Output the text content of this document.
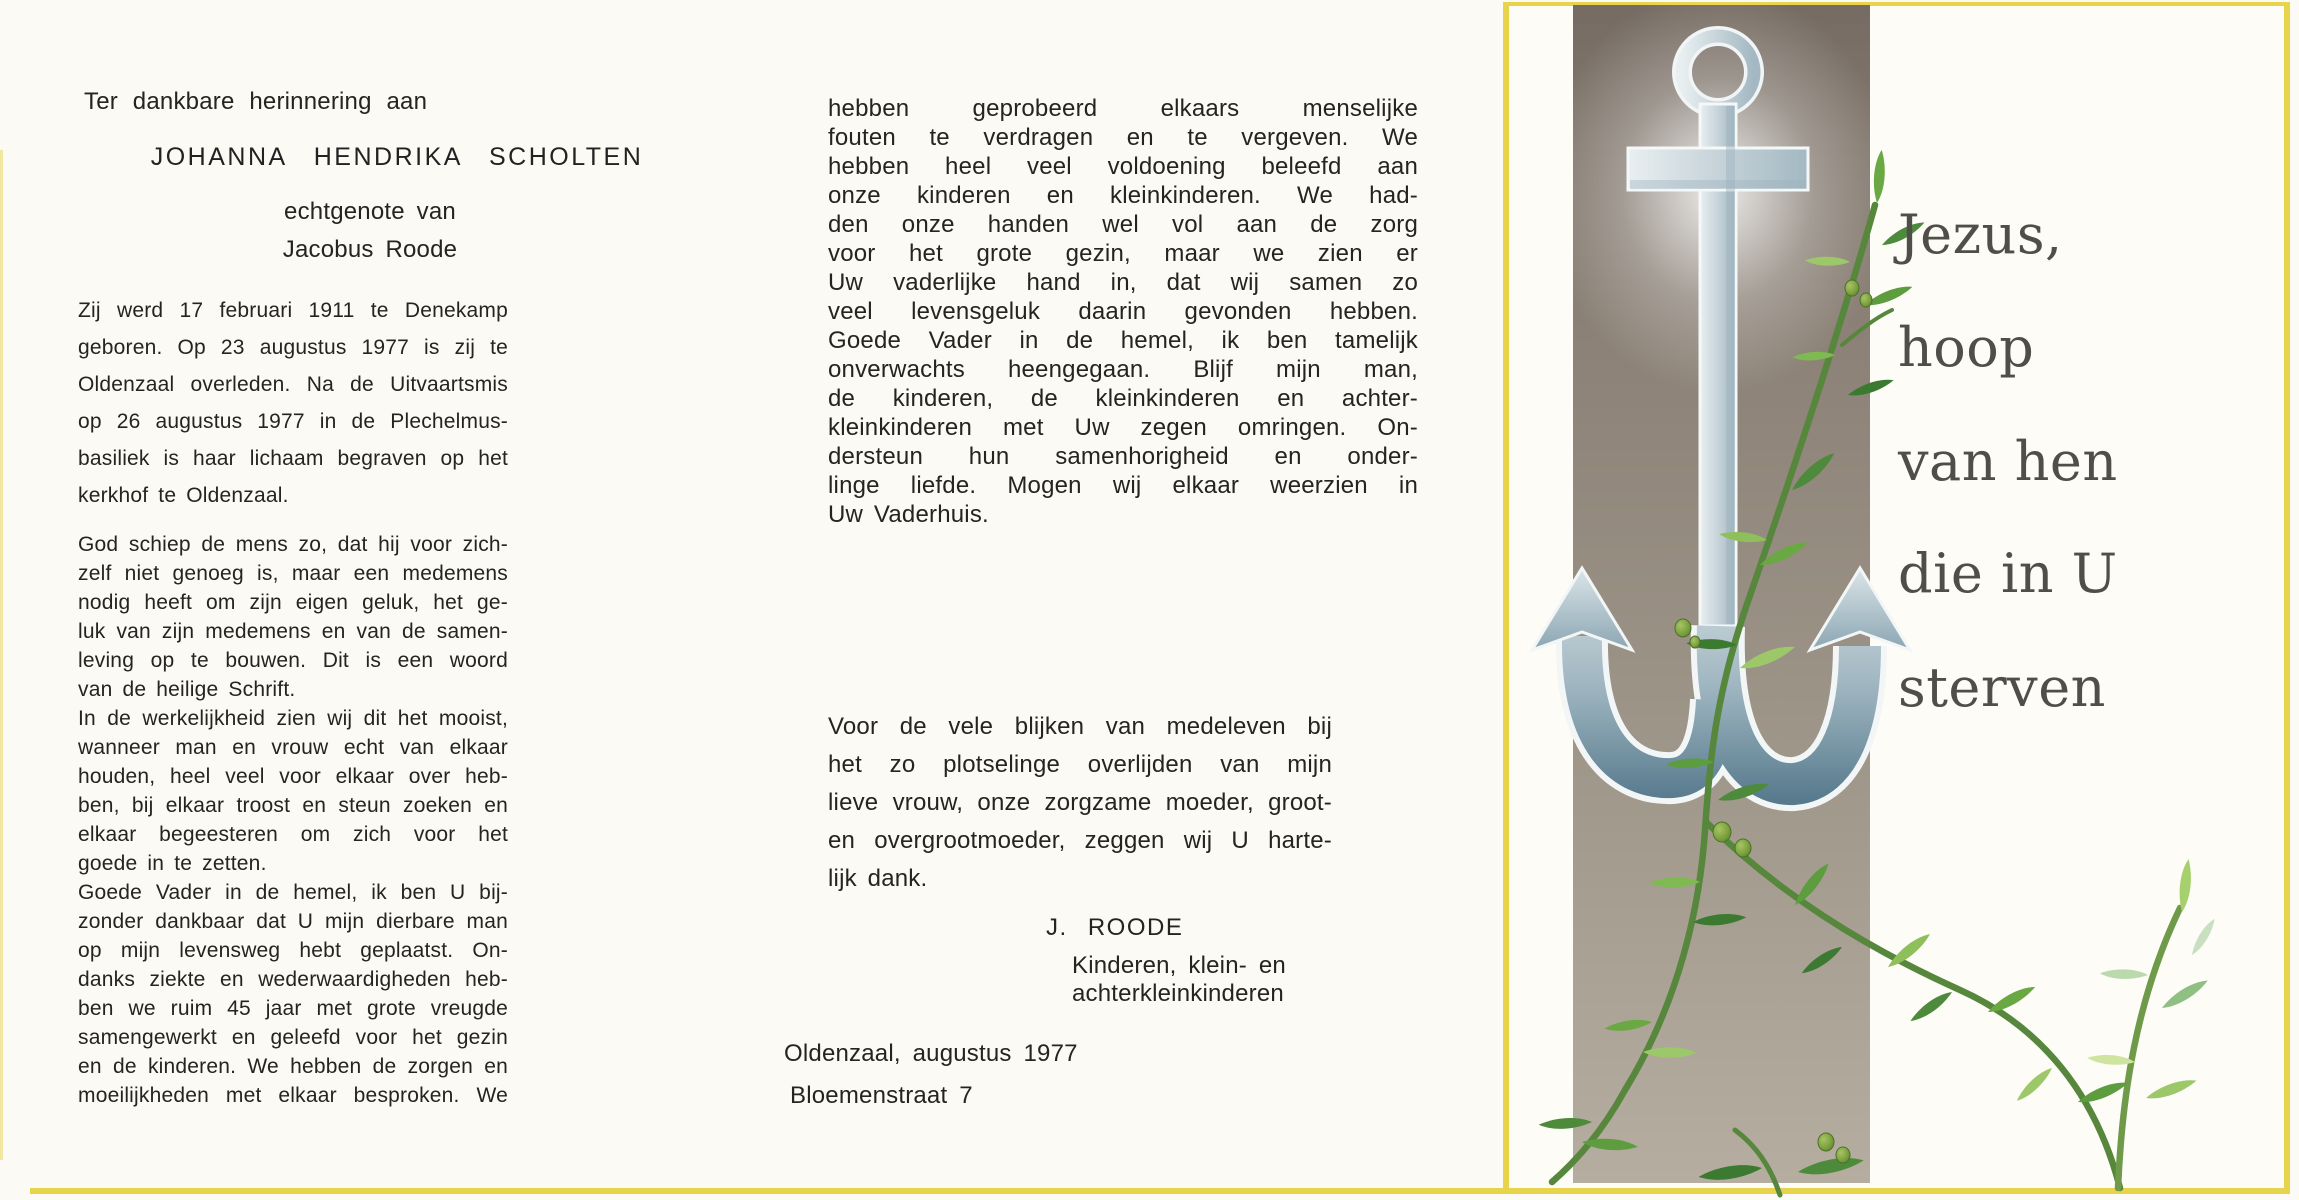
Ter dankbare herinnering aan
JOHANNA HENDRIKA SCHOLTEN
echtgenote van
Jacobus Roode
Zij werd 17 februari 1911 te Denekamp
geboren. Op 23 augustus 1977 is zij te
Oldenzaal overleden. Na de Uitvaartsmis
op 26 augustus 1977 in de Plechelmus-
basiliek is haar lichaam begraven op het
kerkhof te Oldenzaal.
God schiep de mens zo, dat hij voor zich-
zelf niet genoeg is, maar een medemens
nodig heeft om zijn eigen geluk, het ge-
luk van zijn medemens en van de samen-
leving op te bouwen. Dit is een woord
van de heilige Schrift.
In de werkelijkheid zien wij dit het mooist,
wanneer man en vrouw echt van elkaar
houden, heel veel voor elkaar over heb-
ben, bij elkaar troost en steun zoeken en
elkaar begeesteren om zich voor het
goede in te zetten.
Goede Vader in de hemel, ik ben U bij-
zonder dankbaar dat U mijn dierbare man
op mijn levensweg hebt geplaatst. On-
danks ziekte en wederwaardigheden heb-
ben we ruim 45 jaar met grote vreugde
samengewerkt en geleefd voor het gezin
en de kinderen. We hebben de zorgen en
moeilijkheden met elkaar besproken. We
hebben geprobeerd elkaars menselijke
fouten te verdragen en te vergeven. We
hebben heel veel voldoening beleefd aan
onze kinderen en kleinkinderen. We had-
den onze handen wel vol aan de zorg
voor het grote gezin, maar we zien er
Uw vaderlijke hand in, dat wij samen zo
veel levensgeluk daarin gevonden hebben.
Goede Vader in de hemel, ik ben tamelijk
onverwachts heengegaan. Blijf mijn man,
de kinderen, de kleinkinderen en achter-
kleinkinderen met Uw zegen omringen. On-
dersteun hun samenhorigheid en onder-
linge liefde. Mogen wij elkaar weerzien in
Uw Vaderhuis.
Voor de vele blijken van medeleven bij
het zo plotselinge overlijden van mijn
lieve vrouw, onze zorgzame moeder, groot-
en overgrootmoeder, zeggen wij U harte-
lijk dank.
J. ROODE
Kinderen, klein- en
achterkleinkinderen
Oldenzaal, augustus 1977
Bloemenstraat 7
Jezus,
hoop
van hen
die in U
sterven
